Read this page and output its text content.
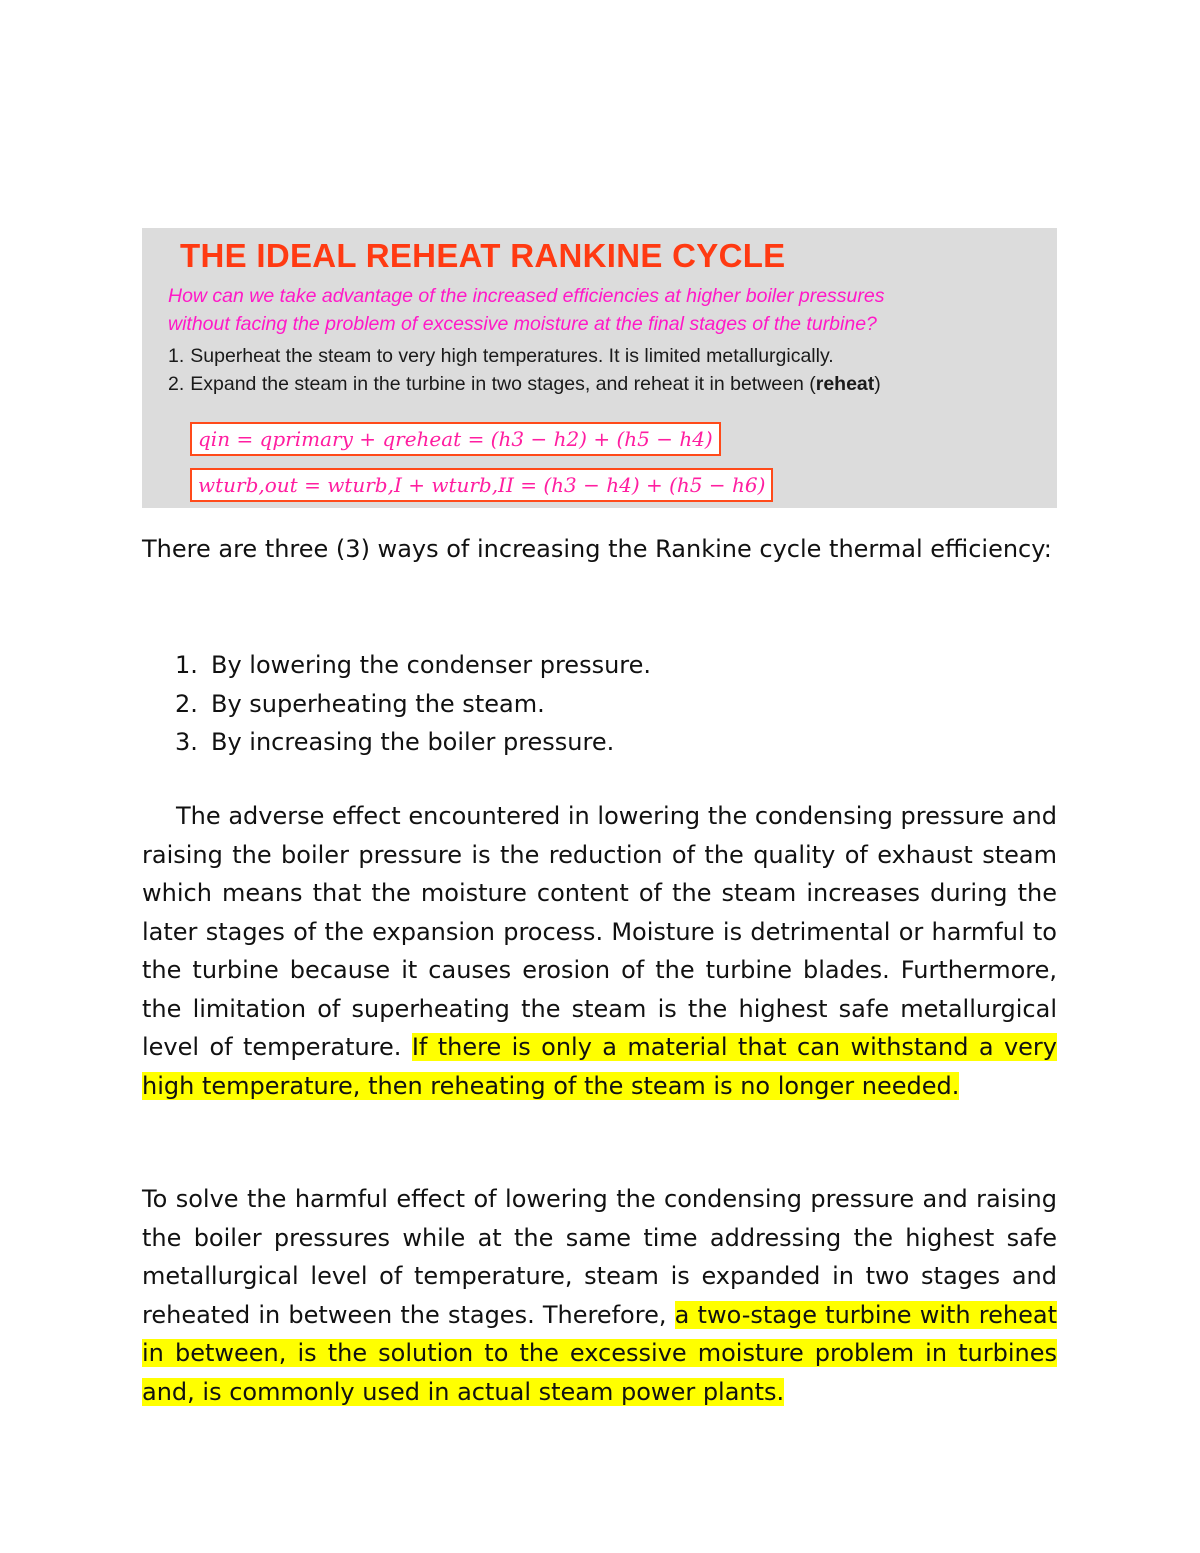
THE IDEAL REHEAT RANKINE CYCLE

How can we take advantage of the increased efficiencies at higher boiler pressures
without facing the problem of excessive moisture at the final stages of the turbine?

1. Superheat the steam to very high temperatures. It is limited metallurgically.
2. Expand the steam in the turbine in two stages, and reheat it in between (reheat)
qin = qprimary + qreheat = (h3 − h2) + (h5 − h4)
wturb,out = wturb,I + wturb,II = (h3 − h4) + (h5 − h6)

There are three (3) ways of increasing the Rankine cycle thermal efficiency:

1. By lowering the condenser pressure.
2. By superheating the steam.
3. By increasing the boiler pressure.

The adverse effect encountered in lowering the condensing pressure and raising the boiler pressure is the reduction of the quality of exhaust steam which means that the moisture content of the steam increases during the later stages of the expansion process. Moisture is detrimental or harmful to the turbine because it causes erosion of the turbine blades. Furthermore, the limitation of superheating the steam is the highest safe metallurgical level of temperature. If there is only a material that can withstand a very high temperature, then reheating of the steam is no longer needed.

To solve the harmful effect of lowering the condensing pressure and raising the boiler pressures while at the same time addressing the highest safe metallurgical level of temperature, steam is expanded in two stages and reheated in between the stages. Therefore, a two-stage turbine with reheat in between, is the solution to the excessive moisture problem in turbines and, is commonly used in actual steam power plants.
